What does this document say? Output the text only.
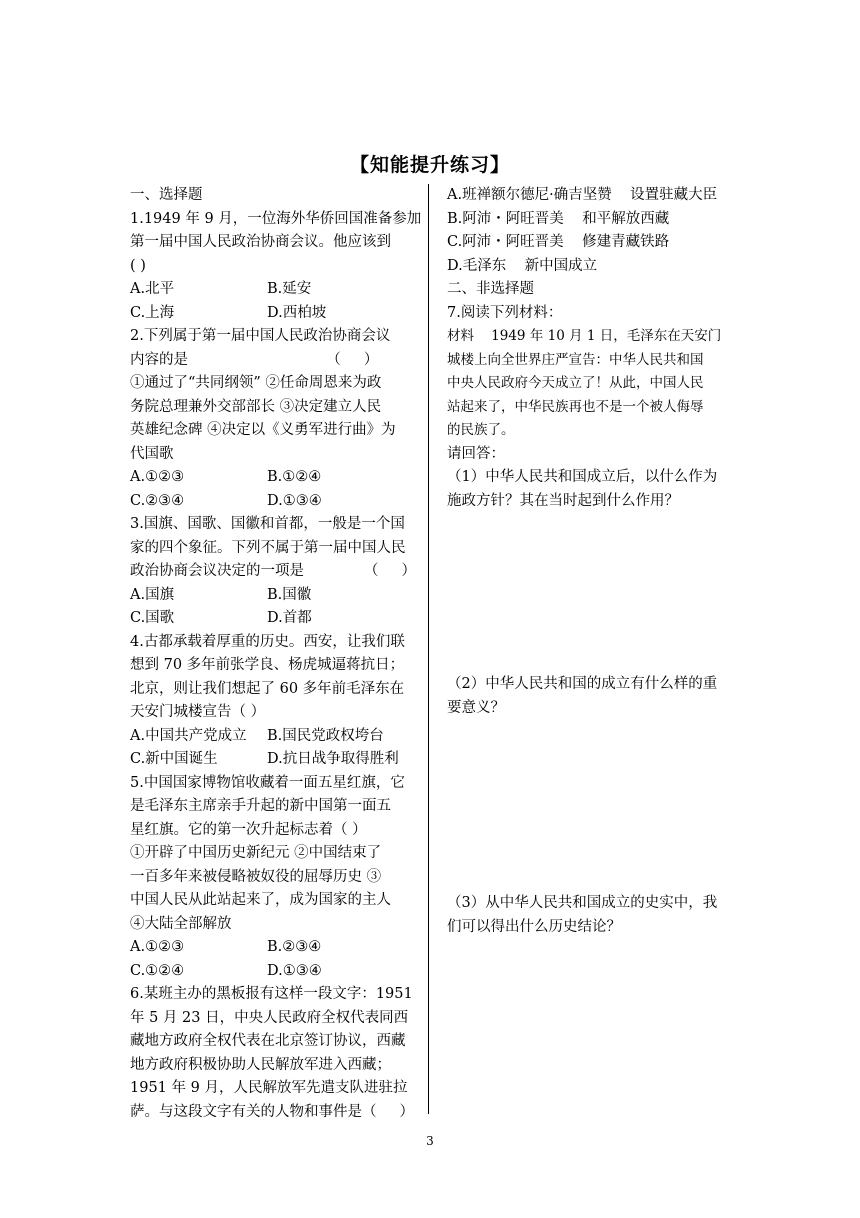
【知能提升练习】

一、选择题

1.1949 年 9 月，一位海外华侨回国准备参加

第一届中国人民政治协商会议。他应该到

( )

A.北平	B.延安
C.上海	D.西柏坡

2.下列属于第一届中国人民政治协商会议

内容的是                              （     ）

①通过了“共同纲领” ②任命周恩来为政

务院总理兼外交部部长 ③决定建立人民

英雄纪念碑 ④决定以《义勇军进行曲》为

代国歌

A.①②③	B.①②④
C.②③④	D.①③④

3.国旗、国歌、国徽和首都，一般是一个国

家的四个象征。下列不属于第一届中国人民

政治协商会议决定的一项是             （     ）

A.国旗	B.国徽
C.国歌	D.首都

4.古都承载着厚重的历史。西安，让我们联

想到 70 多年前张学良、杨虎城逼蒋抗日；

北京，则让我们想起了 60 多年前毛泽东在

天安门城楼宣告（ ）

A.中国共产党成立	B.国民党政权垮台
C.新中国诞生	D.抗日战争取得胜利

5.中国国家博物馆收藏着一面五星红旗，它

是毛泽东主席亲手升起的新中国第一面五

星红旗。它的第一次升起标志着（ ）

①开辟了中国历史新纪元 ②中国结束了

一百多年来被侵略被奴役的屈辱历史 ③

中国人民从此站起来了，成为国家的主人

④大陆全部解放

A.①②③	B.②③④
C.①②④	D.①③④

6.某班主办的黑板报有这样一段文字：1951

年 5 月 23 日，中央人民政府全权代表同西

藏地方政府全权代表在北京签订协议，西藏

地方政府积极协助人民解放军进入西藏；

1951 年 9 月，人民解放军先遣支队进驻拉

萨。与这段文字有关的人物和事件是（     ）

A.班禅额尔德尼·确吉坚赞    设置驻藏大臣

B.阿沛・阿旺晋美    和平解放西藏

C.阿沛・阿旺晋美    修建青藏铁路

D.毛泽东    新中国成立

二、非选择题

7.阅读下列材料：

材料    1949 年 10 月 1 日，毛泽东在天安门

城楼上向全世界庄严宣告：中华人民共和国

中央人民政府今天成立了！从此，中国人民

站起来了，中华民族再也不是一个被人侮辱

的民族了。

请回答：

（1）中华人民共和国成立后，以什么作为

施政方针？其在当时起到什么作用？

（2）中华人民共和国的成立有什么样的重

要意义？

（3）从中华人民共和国成立的史实中，我

们可以得出什么历史结论？

3
